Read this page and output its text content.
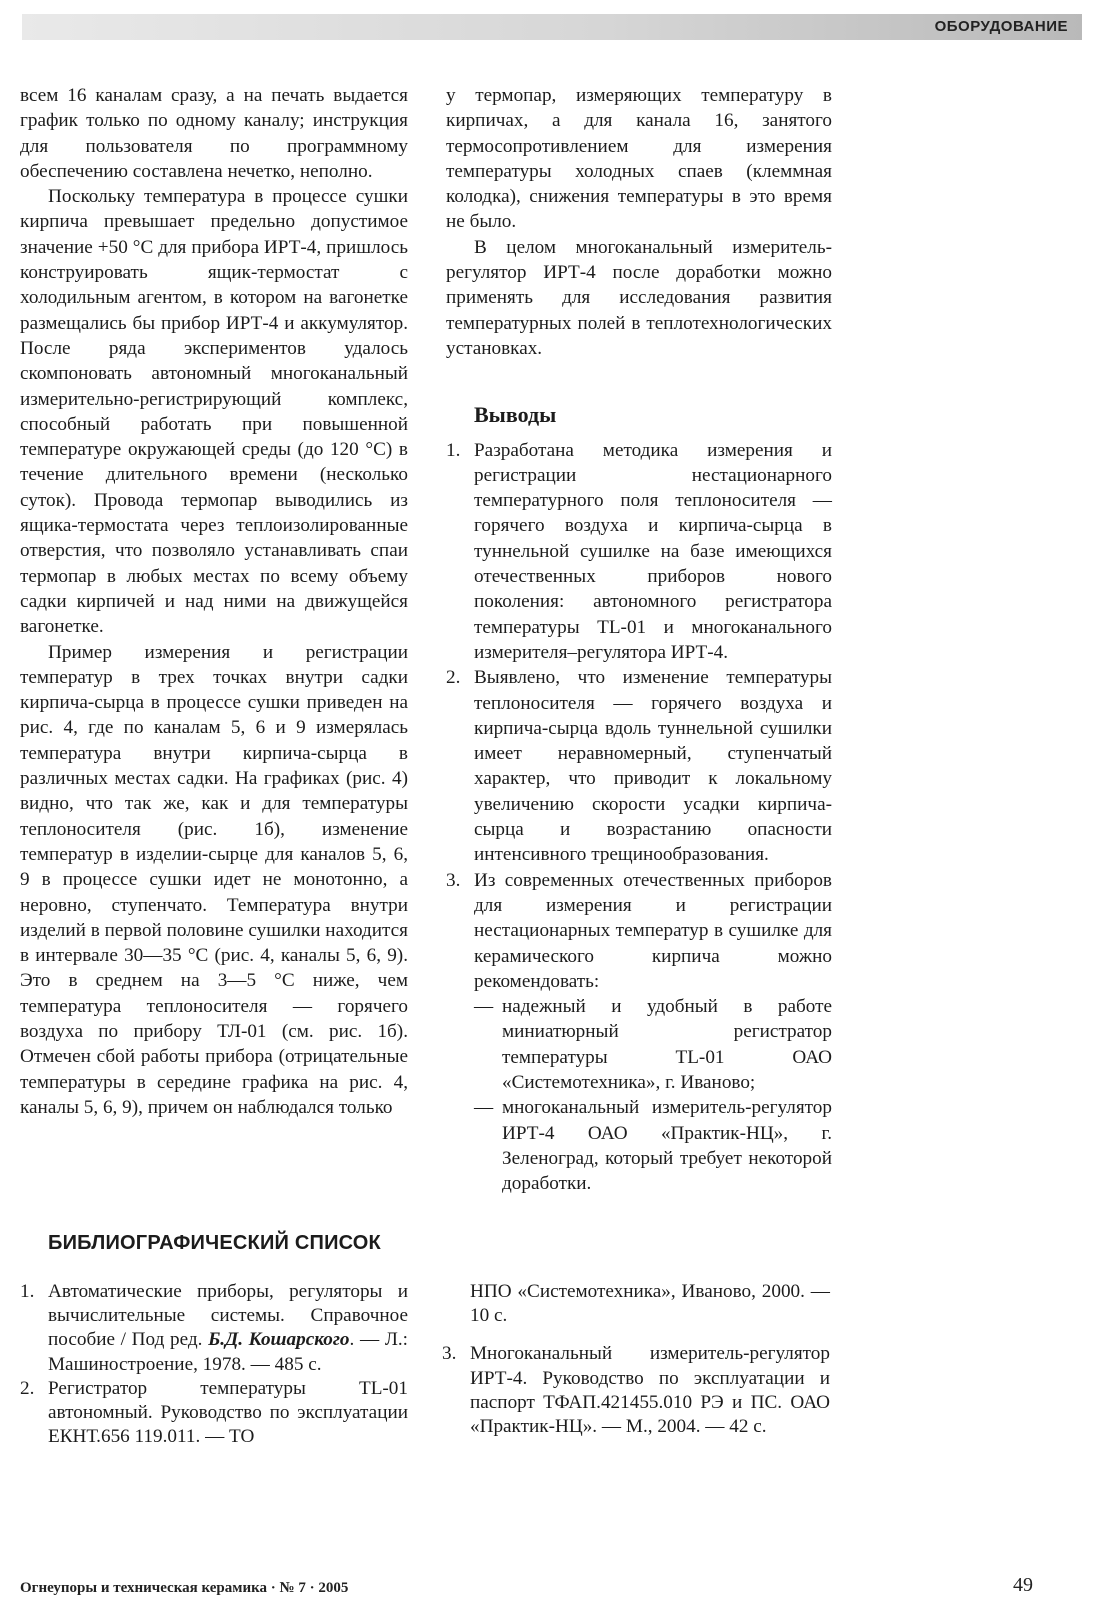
ОБОРУДОВАНИЕ

всем 16 каналам сразу, а на печать выдается график только по одному каналу; инструкция для пользователя по программному обеспечению составлена нечетко, неполно.

Поскольку температура в процессе сушки кирпича превышает предельно допустимое значение +50 °С для прибора ИРТ-4, пришлось конструировать ящик-термостат с холодильным агентом, в котором на вагонетке размещались бы прибор ИРТ-4 и аккумулятор. После ряда экспериментов удалось скомпоновать автономный многоканальный измерительно-регистрирующий комплекс, способный работать при повышенной температуре окружающей среды (до 120 °С) в течение длительного времени (несколько суток). Провода термопар выводились из ящика-термостата через теплоизолированные отверстия, что позволяло устанавливать спаи термопар в любых местах по всему объему садки кирпичей и над ними на движущейся вагонетке.

Пример измерения и регистрации температур в трех точках внутри садки кирпича-сырца в процессе сушки приведен на рис. 4, где по каналам 5, 6 и 9 измерялась температура внутри кирпича-сырца в различных местах садки. На графиках (рис. 4) видно, что так же, как и для температуры теплоносителя (рис. 1б), изменение температур в изделии-сырце для каналов 5, 6, 9 в процессе сушки идет не монотонно, а неровно, ступенчато. Температура внутри изделий в первой половине сушилки находится в интервале 30—35 °С (рис. 4, каналы 5, 6, 9). Это в среднем на 3—5 °С ниже, чем температура теплоносителя — горячего воздуха по прибору ТЛ-01 (см. рис. 1б). Отмечен сбой работы прибора (отрицательные температуры в середине графика на рис. 4, каналы 5, 6, 9), причем он наблюдался только

у термопар, измеряющих температуру в кирпичах, а для канала 16, занятого термосопротивлением для измерения температуры холодных спаев (клеммная колодка), снижения температуры в это время не было.

В целом многоканальный измеритель-регулятор ИРТ-4 после доработки можно применять для исследования развития температурных полей в теплотехнологических установках.

Выводы
1. Разработана методика измерения и регистрации нестационарного температурного поля теплоносителя — горячего воздуха и кирпича-сырца в туннельной сушилке на базе имеющихся отечественных приборов нового поколения: автономного регистратора температуры TL-01 и многоканального измерителя–регулятора ИРТ-4.
2. Выявлено, что изменение температуры теплоносителя — горячего воздуха и кирпича-сырца вдоль туннельной сушилки имеет неравномерный, ступенчатый характер, что приводит к локальному увеличению скорости усадки кирпича-сырца и возрастанию опасности интенсивного трещинообразования.
3. Из современных отечественных приборов для измерения и регистрации нестационарных температур в сушилке для керамического кирпича можно рекомендовать:
— надежный и удобный в работе миниатюрный регистратор температуры TL-01 ОАО «Системотехника», г. Иваново;
— многоканальный измеритель-регулятор ИРТ-4 ОАО «Практик-НЦ», г. Зеленоград, который требует некоторой доработки.
БИБЛИОГРАФИЧЕСКИЙ СПИСОК
1. Автоматические приборы, регуляторы и вычислительные системы. Справочное пособие / Под ред. Б.Д. Кошарского. — Л.: Машиностроение, 1978. — 485 с.
2. Регистратор температуры TL-01 автономный. Руководство по эксплуатации ЕКНТ.656 119.011. — ТО
НПО «Системотехника», Иваново, 2000. — 10 с.
3. Многоканальный измеритель-регулятор ИРТ-4. Руководство по эксплуатации и паспорт ТФАП.421455.010 РЭ и ПС. ОАО «Практик-НЦ». — М., 2004. — 42 с.
Огнеупоры и техническая керамика · № 7 · 2005	49
